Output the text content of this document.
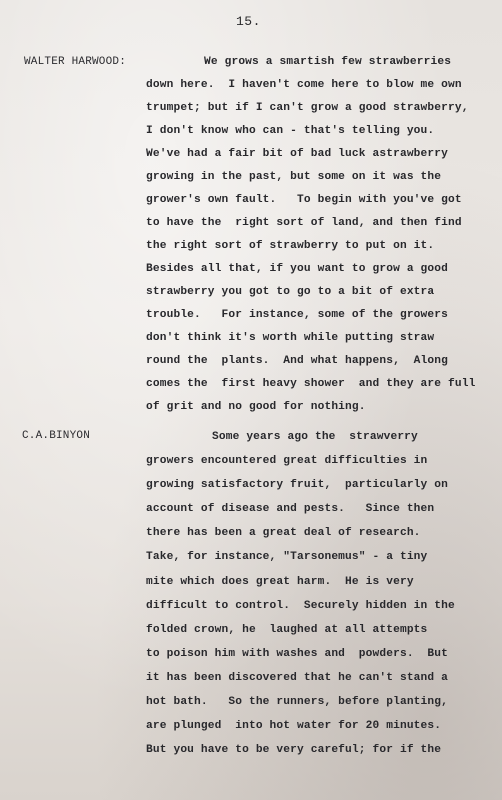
15.
WALTER HARWOOD:	We grows a smartish few strawberries
down here.  I haven't come here to blow me own
trumpet; but if I can't grow a good strawberry,
I don't know who can - that's telling you.
We've had a fair bit of bad luck astrawberry
growing in the past, but some on it was the
grower's own fault.   To begin with you've got
to have the  right sort of land, and then find
the right sort of strawberry to put on it.
Besides all that, if you want to grow a good
strawberry you got to go to a bit of extra
trouble.   For instance, some of the growers
don't think it's worth while putting straw
round the  plants.  And what happens,  Along
comes the  first heavy shower  and they are full
of grit and no good for nothing.
C.A.BINYON	Some years ago the  strawverry
growers encountered great difficulties in
growing satisfactory fruit,  particularly on
account of disease and pests.   Since then
there has been a great deal of research.
Take, for instance, "Tarsonemus" - a tiny
mite which does great harm.  He is very
difficult to control.  Securely hidden in the
folded crown, he  laughed at all attempts
to poison him with washes and  powders.  But
it has been discovered that he can't stand a
hot bath.   So the runners, before planting,
are plunged  into hot water for 20 minutes.
But you have to be very careful; for if the
